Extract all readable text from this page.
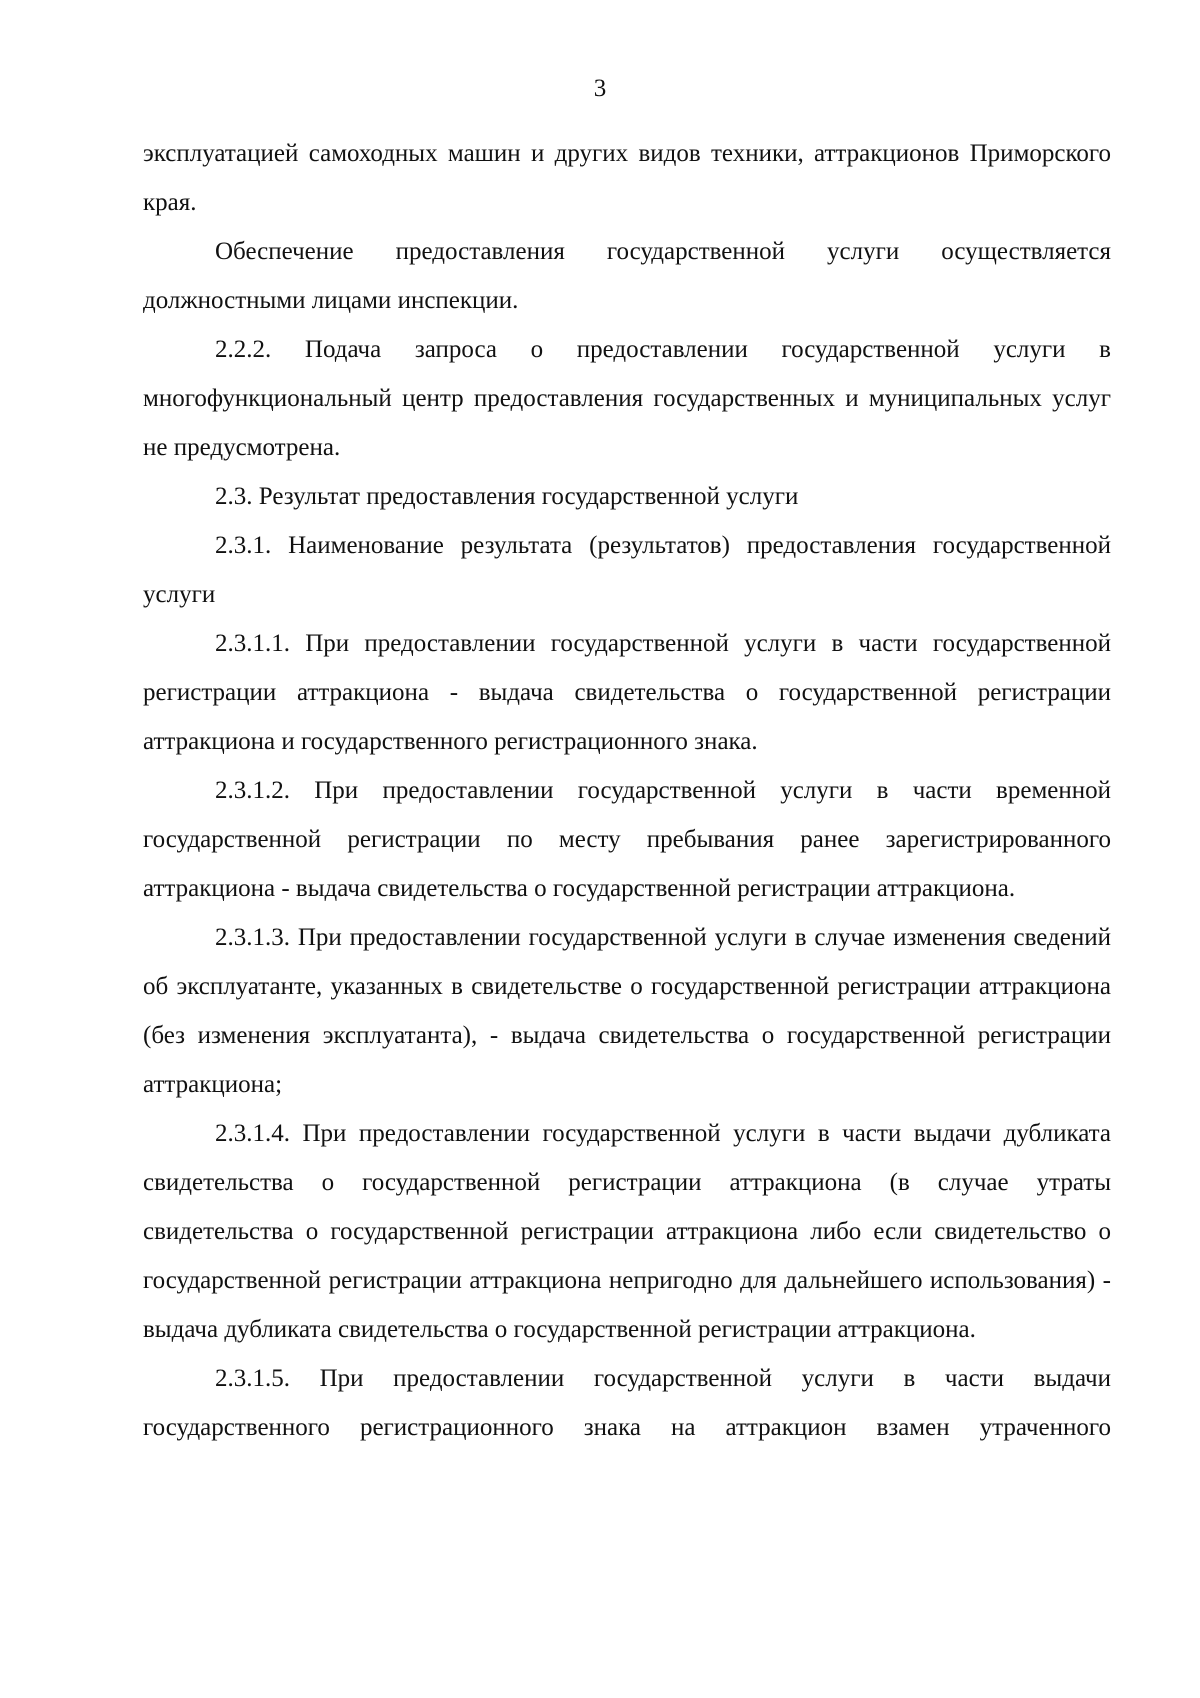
3

эксплуатацией самоходных машин и других видов техники, аттракционов Приморского края.

Обеспечение предоставления государственной услуги осуществляется должностными лицами инспекции.

2.2.2. Подача запроса о предоставлении государственной услуги в многофункциональный центр предоставления государственных и муниципальных услуг не предусмотрена.

2.3. Результат предоставления государственной услуги

2.3.1. Наименование результата (результатов) предоставления государственной услуги

2.3.1.1. При предоставлении государственной услуги в части государственной регистрации аттракциона - выдача свидетельства о государственной регистрации аттракциона и государственного регистрационного знака.

2.3.1.2. При предоставлении государственной услуги в части временной государственной регистрации по месту пребывания ранее зарегистрированного аттракциона - выдача свидетельства о государственной регистрации аттракциона.

2.3.1.3. При предоставлении государственной услуги в случае изменения сведений об эксплуатанте, указанных в свидетельстве о государственной регистрации аттракциона (без изменения эксплуатанта), - выдача свидетельства о государственной регистрации аттракциона;

2.3.1.4. При предоставлении государственной услуги в части выдачи дубликата свидетельства о государственной регистрации аттракциона (в случае утраты свидетельства о государственной регистрации аттракциона либо если свидетельство о государственной регистрации аттракциона непригодно для дальнейшего использования) - выдача дубликата свидетельства о государственной регистрации аттракциона.

2.3.1.5. При предоставлении государственной услуги в части выдачи государственного регистрационного знака на аттракцион взамен утраченного
